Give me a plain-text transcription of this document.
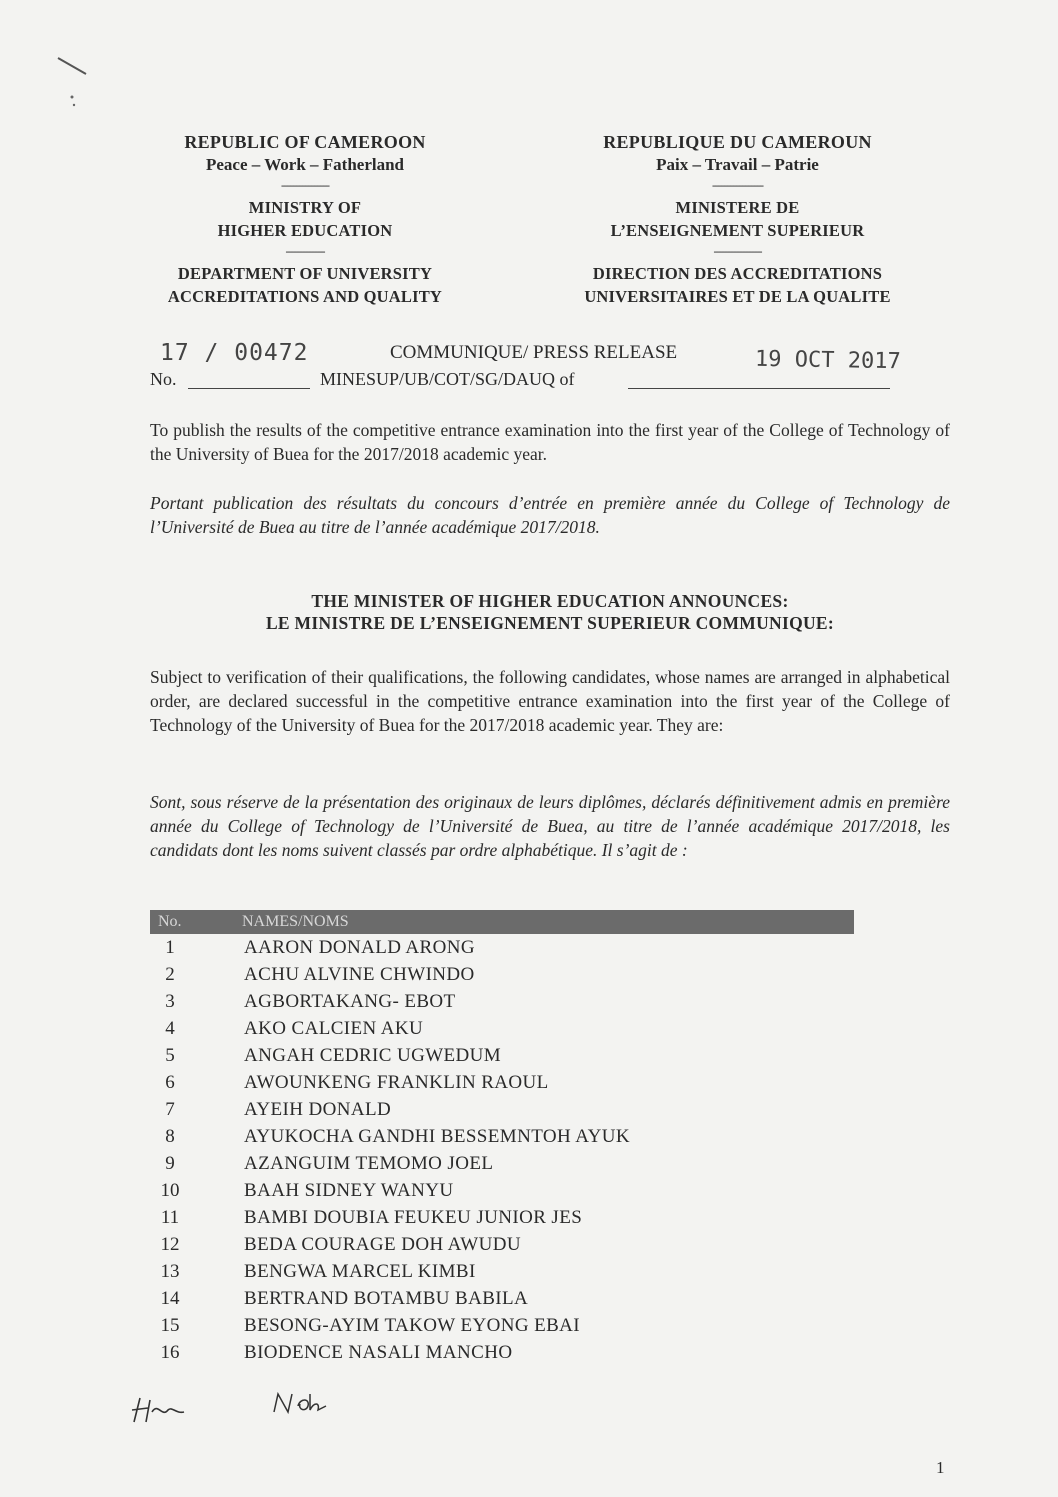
REPUBLIC OF CAMEROON
Peace – Work – Fatherland
----------------
MINISTRY OF
HIGHER EDUCATION
-------------
DEPARTMENT OF UNIVERSITY
ACCREDITATIONS AND QUALITY
REPUBLIQUE DU CAMEROUN
Paix – Travail – Patrie
-----------------
MINISTERE DE
L’ENSEIGNEMENT SUPERIEUR
----------------
DIRECTION DES ACCREDITATIONS
UNIVERSITAIRES ET DE LA QUALITE
17 / 00472	COMMUNIQUE/ PRESS RELEASE	19 OCT 2017
No.	MINESUP/UB/COT/SG/DAUQ of
To publish the results of the competitive entrance examination into the first year of the College of Technology of the University of Buea for the 2017/2018 academic year.
Portant publication des résultats du concours d’entrée en première année du College of Technology de l’Université de Buea au titre de l’année académique 2017/2018.
THE MINISTER OF HIGHER EDUCATION ANNOUNCES:
LE MINISTRE DE L’ENSEIGNEMENT SUPERIEUR COMMUNIQUE:
Subject to verification of their qualifications, the following candidates, whose names are arranged in alphabetical order, are declared successful in the competitive entrance examination into the first year of the College of Technology of the University of Buea for the 2017/2018 academic year. They are:
Sont, sous réserve de la présentation des originaux de leurs diplômes, déclarés définitivement admis en première année du College of Technology de l’Université de Buea, au titre de l’année académique 2017/2018, les candidats dont les noms suivent classés par ordre alphabétique. Il s’agit de :
No.	NAMES/NOMS
1	AARON DONALD ARONG
2	ACHU ALVINE CHWINDO
3	AGBORTAKANG- EBOT
4	AKO CALCIEN AKU
5	ANGAH CEDRIC UGWEDUM
6	AWOUNKENG FRANKLIN RAOUL
7	AYEIH DONALD
8	AYUKOCHA GANDHI BESSEMNTOH AYUK
9	AZANGUIM TEMOMO JOEL
10	BAAH SIDNEY WANYU
11	BAMBI DOUBIA FEUKEU JUNIOR JES
12	BEDA COURAGE DOH AWUDU
13	BENGWA MARCEL KIMBI
14	BERTRAND BOTAMBU BABILA
15	BESONG-AYIM TAKOW EYONG EBAI
16	BIODENCE NASALI MANCHO
1
